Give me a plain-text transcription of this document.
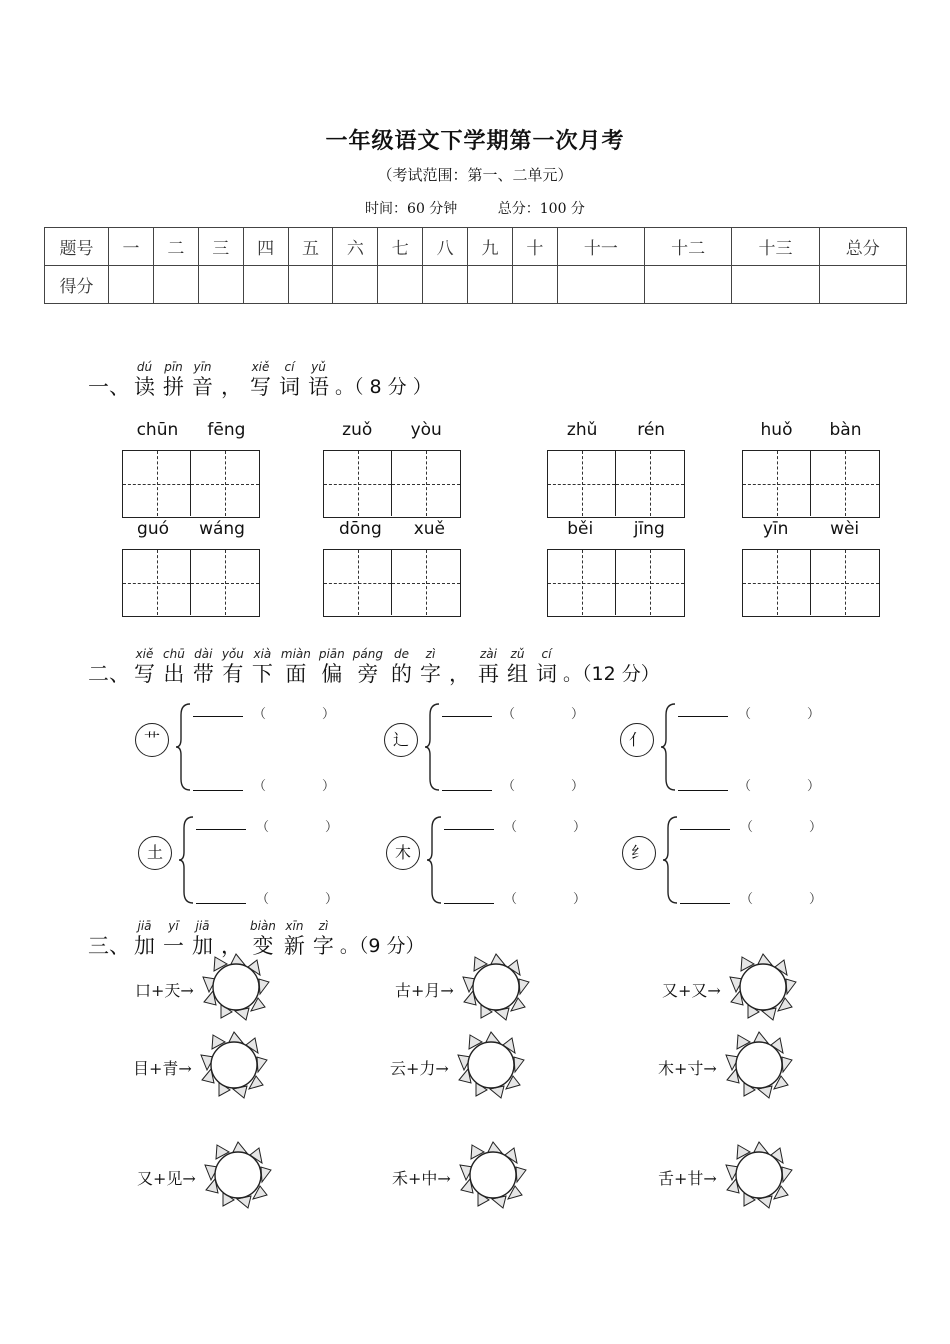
一年级语文下学期第一次月考
（考试范围：第一、二单元）
时间：60 分钟	总分：100 分
题号	一	二	三	四	五	六	七	八	九	十	十一	十二	十三	总分
得分														
一、
dú
读
pīn
拼
yīn
音 ，
xiě
写
cí
词
yǔ
语 。（ 8 分 ）
chūn fēng	zuǒ yòu	zhǔ rén	huǒ bàn
guó wáng	dōng xuě	běi jīng	yīn wèi
二、
xiě
写
chū
出
dài
带
yǒu
有
xià
下
miàn
面
piān
偏
páng
旁
de
的
zì
字 ，
zài
再
zǔ
组
cí
词 。（12 分）
艹
（	）
（	）
辶
（	）
（	）
亻
（	）
（	）
土
（	）
（	）
木
（	）
（	）
纟
（	）
（	）
三、
jiā
加
yī
一
jiā
加 ，
biàn
变
xīn
新
zì
字 。（9 分）
口+天→	古+月→	又+又→
目+青→	云+力→	木+寸→
又+见→	禾+中→	舌+甘→
